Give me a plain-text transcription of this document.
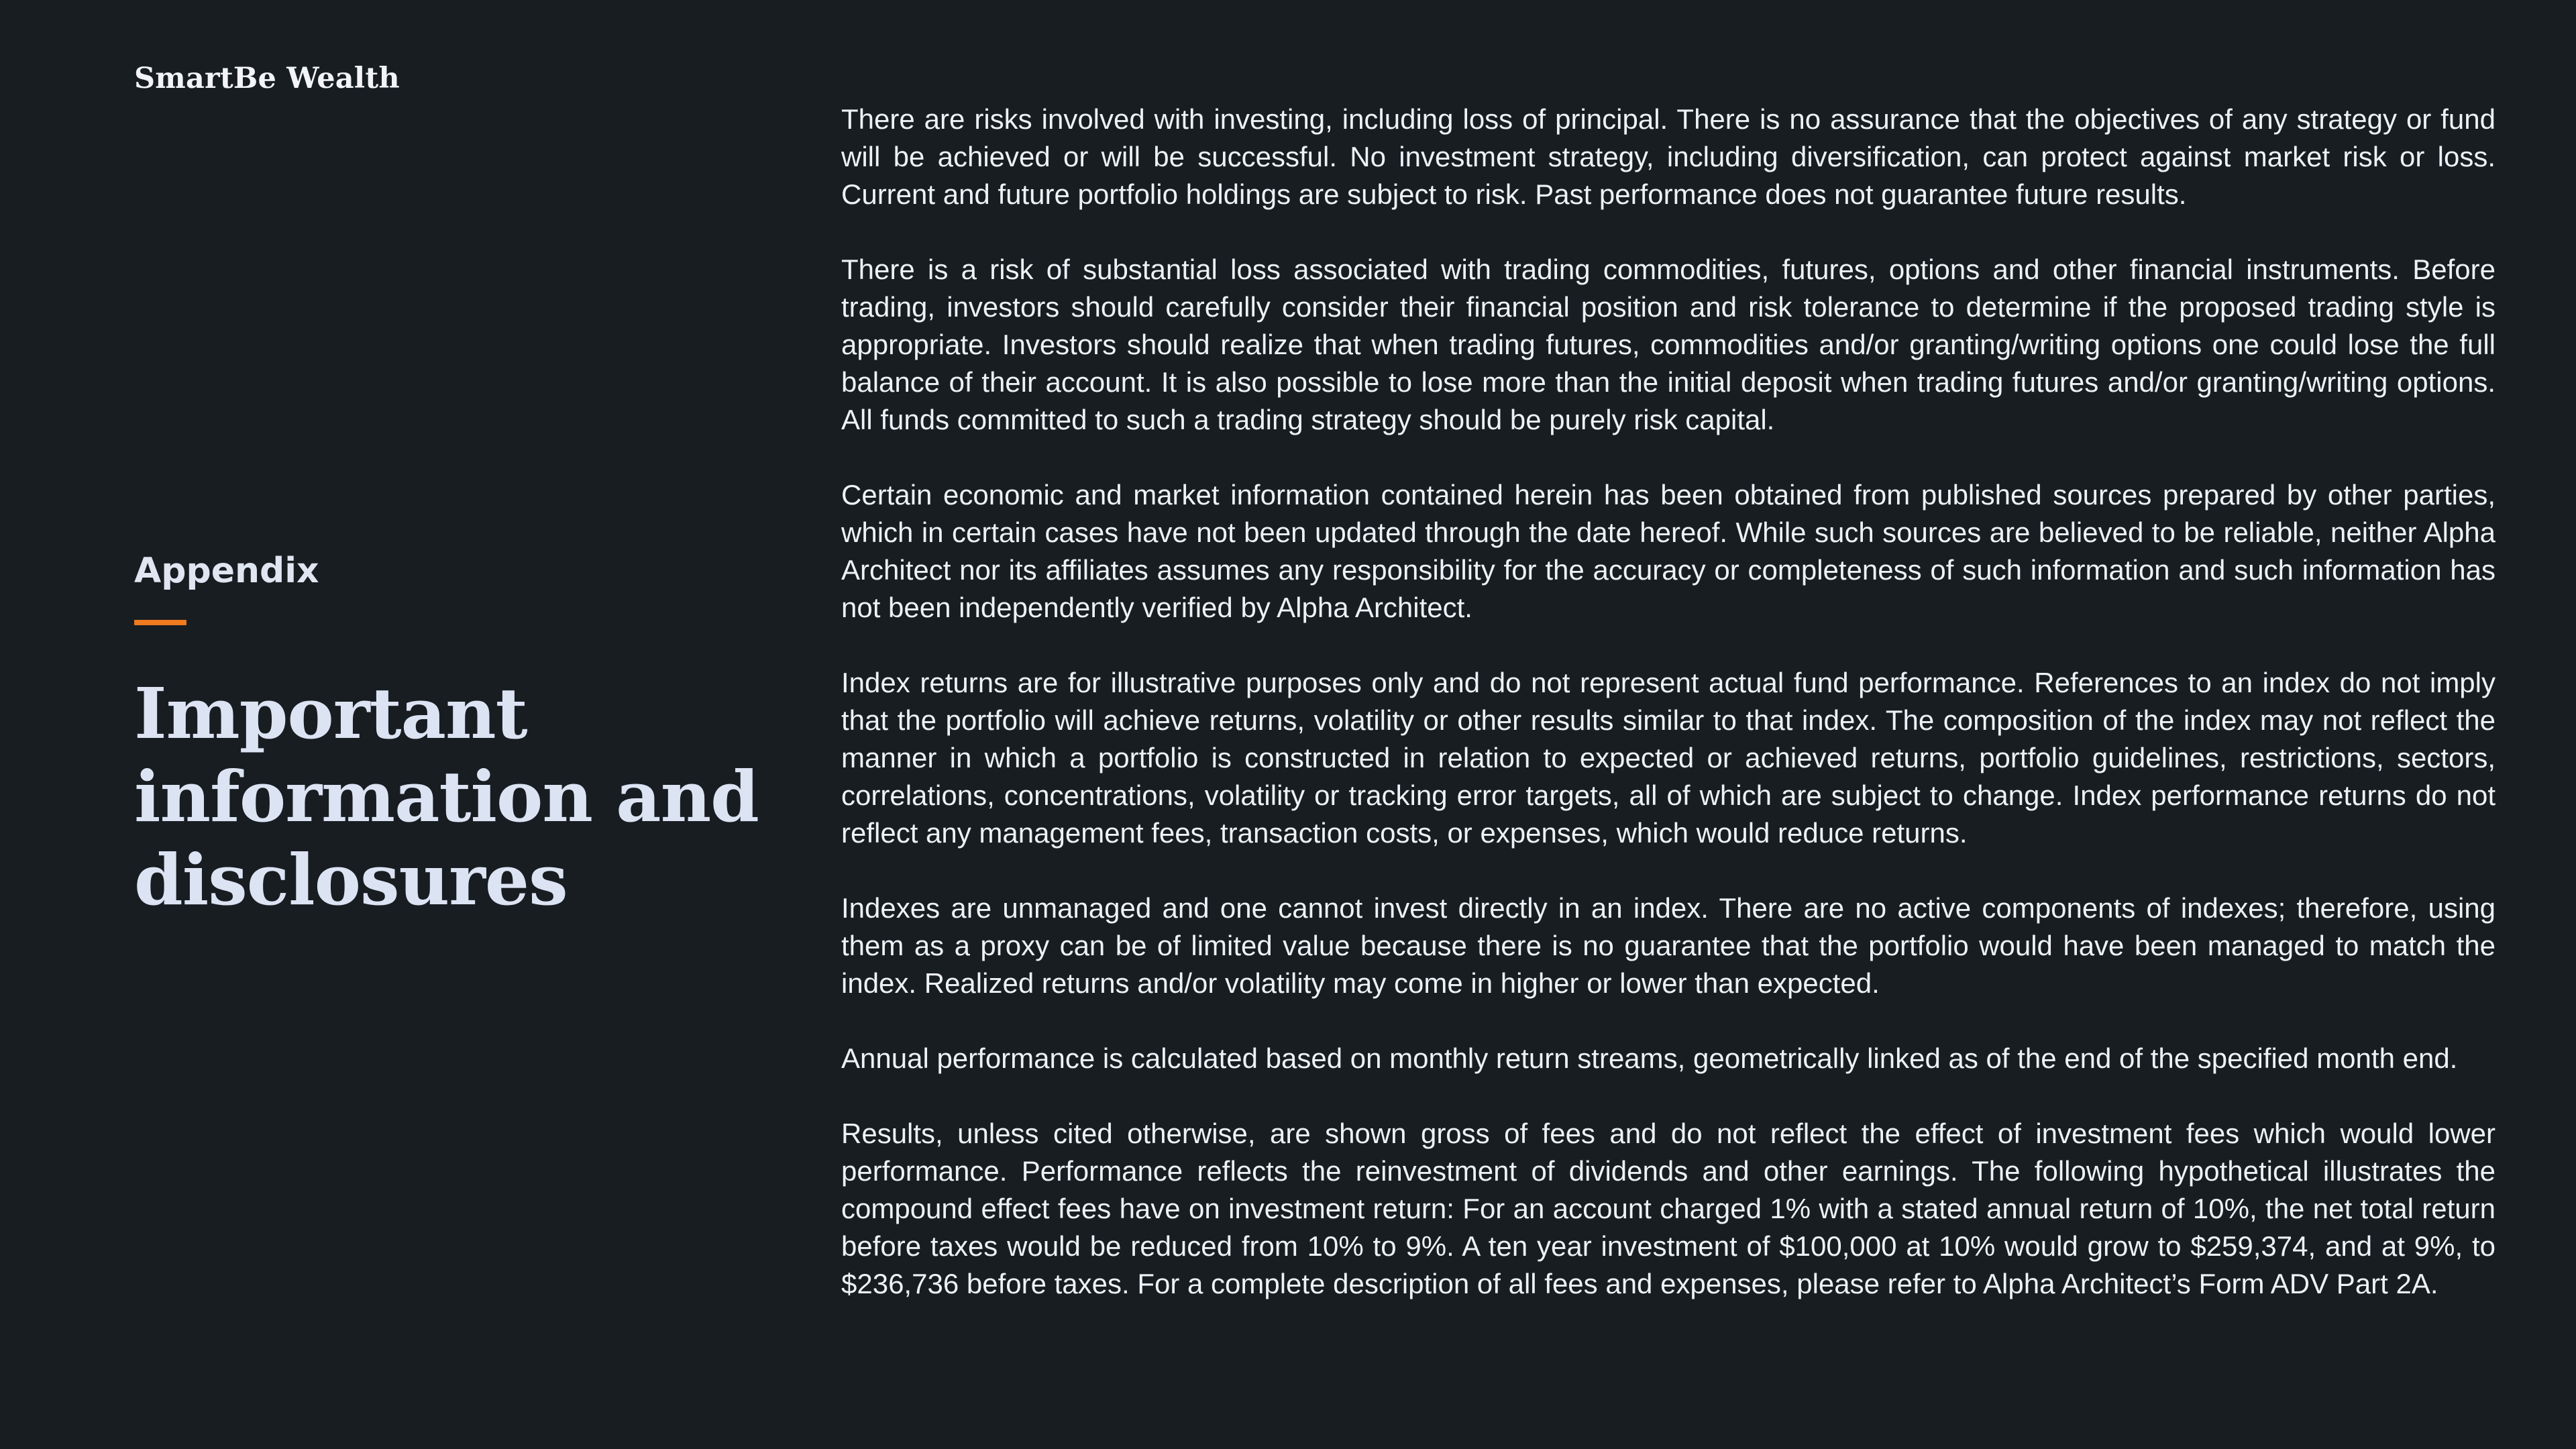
SmartBe Wealth
Appendix
Important information and disclosures

There are risks involved with investing, including loss of principal. There is no assurance that the objectives of any strategy or fund will be achieved or will be successful. No investment strategy, including diversification, can protect against market risk or loss. Current and future portfolio holdings are subject to risk. Past performance does not guarantee future results.

There is a risk of substantial loss associated with trading commodities, futures, options and other financial instruments. Before trading, investors should carefully consider their financial position and risk tolerance to determine if the proposed trading style is appropriate. Investors should realize that when trading futures, commodities and/or granting/writing options one could lose the full balance of their account. It is also possible to lose more than the initial deposit when trading futures and/or granting/writing options. All funds committed to such a trading strategy should be purely risk capital.

Certain economic and market information contained herein has been obtained from published sources prepared by other parties, which in certain cases have not been updated through the date hereof. While such sources are believed to be reliable, neither Alpha Architect nor its affiliates assumes any responsibility for the accuracy or completeness of such information and such information has not been independently verified by Alpha Architect.

Index returns are for illustrative purposes only and do not represent actual fund performance. References to an index do not imply that the portfolio will achieve returns, volatility or other results similar to that index. The composition of the index may not reflect the manner in which a portfolio is constructed in relation to expected or achieved returns, portfolio guidelines, restrictions, sectors, correlations, concentrations, volatility or tracking error targets, all of which are subject to change. Index performance returns do not reflect any management fees, transaction costs, or expenses, which would reduce returns.

Indexes are unmanaged and one cannot invest directly in an index. There are no active components of indexes; therefore, using them as a proxy can be of limited value because there is no guarantee that the portfolio would have been managed to match the index. Realized returns and/or volatility may come in higher or lower than expected.

Annual performance is calculated based on monthly return streams, geometrically linked as of the end of the specified month end.

Results, unless cited otherwise, are shown gross of fees and do not reflect the effect of investment fees which would lower performance. Performance reflects the reinvestment of dividends and other earnings. The following hypothetical illustrates the compound effect fees have on investment return: For an account charged 1% with a stated annual return of 10%, the net total return before taxes would be reduced from 10% to 9%. A ten year investment of $100,000 at 10% would grow to $259,374, and at 9%, to $236,736 before taxes. For a complete description of all fees and expenses, please refer to Alpha Architect’s Form ADV Part 2A.
